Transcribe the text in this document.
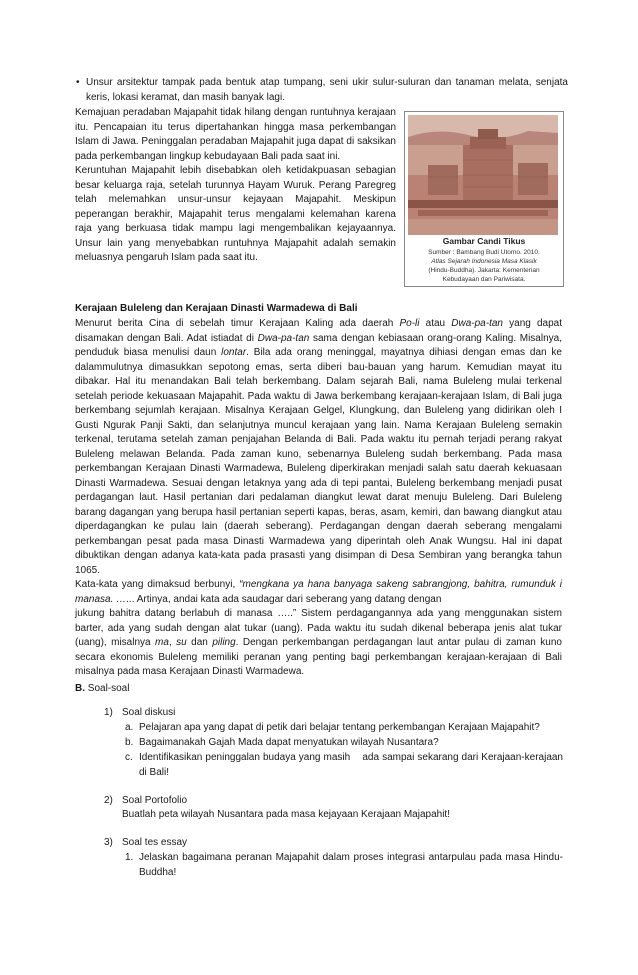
• Unsur arsitektur tampak pada bentuk atap tumpang, seni ukir sulur-suluran dan tanaman melata, senjata keris, lokasi keramat, dan masih banyak lagi.
Kemajuan peradaban Majapahit tidak hilang dengan runtuhnya kerajaan itu. Pencapaian itu terus dipertahankan hingga masa perkembangan Islam di Jawa. Peninggalan peradaban Majapahit juga dapat di saksikan pada perkembangan lingkup kebudayaan Bali pada saat ini.
Keruntuhan Majapahit lebih disebabkan oleh ketidakpuasan sebagian besar keluarga raja, setelah turunnya Hayam Wuruk. Perang Paregreg telah melemahkan unsur-unsur kejayaan Majapahit. Meskipun peperangan berakhir, Majapahit terus mengalami kelemahan karena raja yang berkuasa tidak mampu lagi mengembalikan kejayaannya. Unsur lain yang menyebabkan runtuhnya Majapahit adalah semakin meluasnya pengaruh Islam pada saat itu.
Gambar Candi Tikus
Sumber : Bambang Budi Utomo. 2010.
Atlas Sejarah Indonesia Masa Klasik
(Hindu-Buddha). Jakarta: Kementerian
Kebudayaan dan Pariwisata.
Kerajaan Buleleng dan Kerajaan Dinasti Warmadewa di Bali
Menurut berita Cina di sebelah timur Kerajaan Kaling ada daerah Po-li atau Dwa-pa-tan yang dapat disamakan dengan Bali. Adat istiadat di Dwa-pa-tan sama dengan kebiasaan orang-orang Kaling. Misalnya, penduduk biasa menulisi daun lontar. Bila ada orang meninggal, mayatnya dihiasi dengan emas dan ke dalammulutnya dimasukkan sepotong emas, serta diberi bau-bauan yang harum. Kemudian mayat itu dibakar. Hal itu menandakan Bali telah berkembang. Dalam sejarah Bali, nama Buleleng mulai terkenal setelah periode kekuasaan Majapahit. Pada waktu di Jawa berkembang kerajaan-kerajaan Islam, di Bali juga berkembang sejumlah kerajaan. Misalnya Kerajaan Gelgel, Klungkung, dan Buleleng yang didirikan oleh I Gusti Ngurak Panji Sakti, dan selanjutnya muncul kerajaan yang lain. Nama Kerajaan Buleleng semakin terkenal, terutama setelah zaman penjajahan Belanda di Bali. Pada waktu itu pernah terjadi perang rakyat Buleleng melawan Belanda. Pada zaman kuno, sebenarnya Buleleng sudah berkembang. Pada masa perkembangan Kerajaan Dinasti Warmadewa, Buleleng diperkirakan menjadi salah satu daerah kekuasaan Dinasti Warmadewa. Sesuai dengan letaknya yang ada di tepi pantai, Buleleng berkembang menjadi pusat perdagangan laut. Hasil pertanian dari pedalaman diangkut lewat darat menuju Buleleng. Dari Buleleng barang dagangan yang berupa hasil pertanian seperti kapas, beras, asam, kemiri, dan bawang diangkut atau diperdagangkan ke pulau lain (daerah seberang). Perdagangan dengan daerah seberang mengalami perkembangan pesat pada masa Dinasti Warmadewa yang diperintah oleh Anak Wungsu. Hal ini dapat dibuktikan dengan adanya kata-kata pada prasasti yang disimpan di Desa Sembiran yang berangka tahun 1065.
Kata-kata yang dimaksud berbunyi, “mengkana ya hana banyaga sakeng sabrangjong, bahitra, rumunduk i manasa. …... Artinya, andai kata ada saudagar dari seberang yang datang dengan
jukung bahitra datang berlabuh di manasa …..” Sistem perdagangannya ada yang menggunakan sistem barter, ada yang sudah dengan alat tukar (uang). Pada waktu itu sudah dikenal beberapa jenis alat tukar (uang), misalnya ma, su dan piling. Dengan perkembangan perdagangan laut antar pulau di zaman kuno secara ekonomis Buleleng memiliki peranan yang penting bagi perkembangan kerajaan-kerajaan di Bali misalnya pada masa Kerajaan Dinasti Warmadewa.
B. Soal-soal
1) Soal diskusi
a. Pelajaran apa yang dapat di petik dari belajar tentang perkembangan Kerajaan Majapahit?
b. Bagaimanakah Gajah Mada dapat menyatukan wilayah Nusantara?
c. Identifikasikan peninggalan budaya yang masih    ada sampai sekarang dari Kerajaan-kerajaan di Bali!
2) Soal Portofolio
Buatlah peta wilayah Nusantara pada masa kejayaan Kerajaan Majapahit!
3) Soal tes essay
1. Jelaskan bagaimana peranan Majapahit dalam proses integrasi antarpulau pada masa Hindu-Buddha!
